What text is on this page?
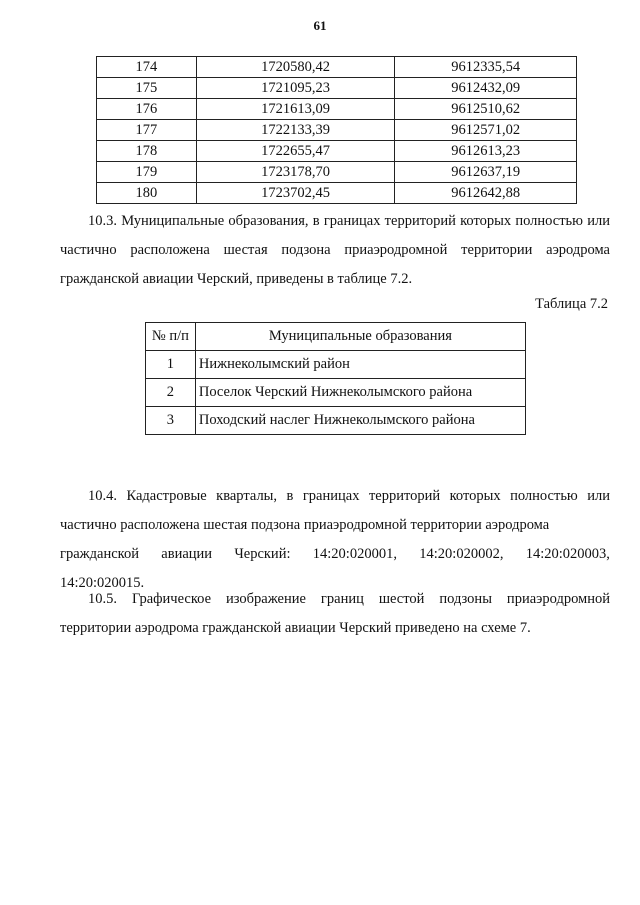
61
174	1720580,42	9612335,54
175	1721095,23	9612432,09
176	1721613,09	9612510,62
177	1722133,39	9612571,02
178	1722655,47	9612613,23
179	1723178,70	9612637,19
180	1723702,45	9612642,88

10.3. Муниципальные образования, в границах территорий которых полностью или частично расположена шестая подзона приаэродромной территории аэродрома гражданской авиации Черский, приведены в таблице 7.2.

Таблица 7.2

№ п/п	Муниципальные образования
1	Нижнеколымский район
2	Поселок Черский Нижнеколымского района
3	Походский наслег Нижнеколымского района
10.4. Кадастровые кварталы, в границах территорий которых полностью или частично расположена шестая подзона приаэродромной территории аэродрома
гражданской авиации Черский: 14:20:020001, 14:20:020002, 14:20:020003,
14:20:020015.

10.5. Графическое изображение границ шестой подзоны приаэродромной территории аэродрома гражданской авиации Черский приведено на схеме 7.
